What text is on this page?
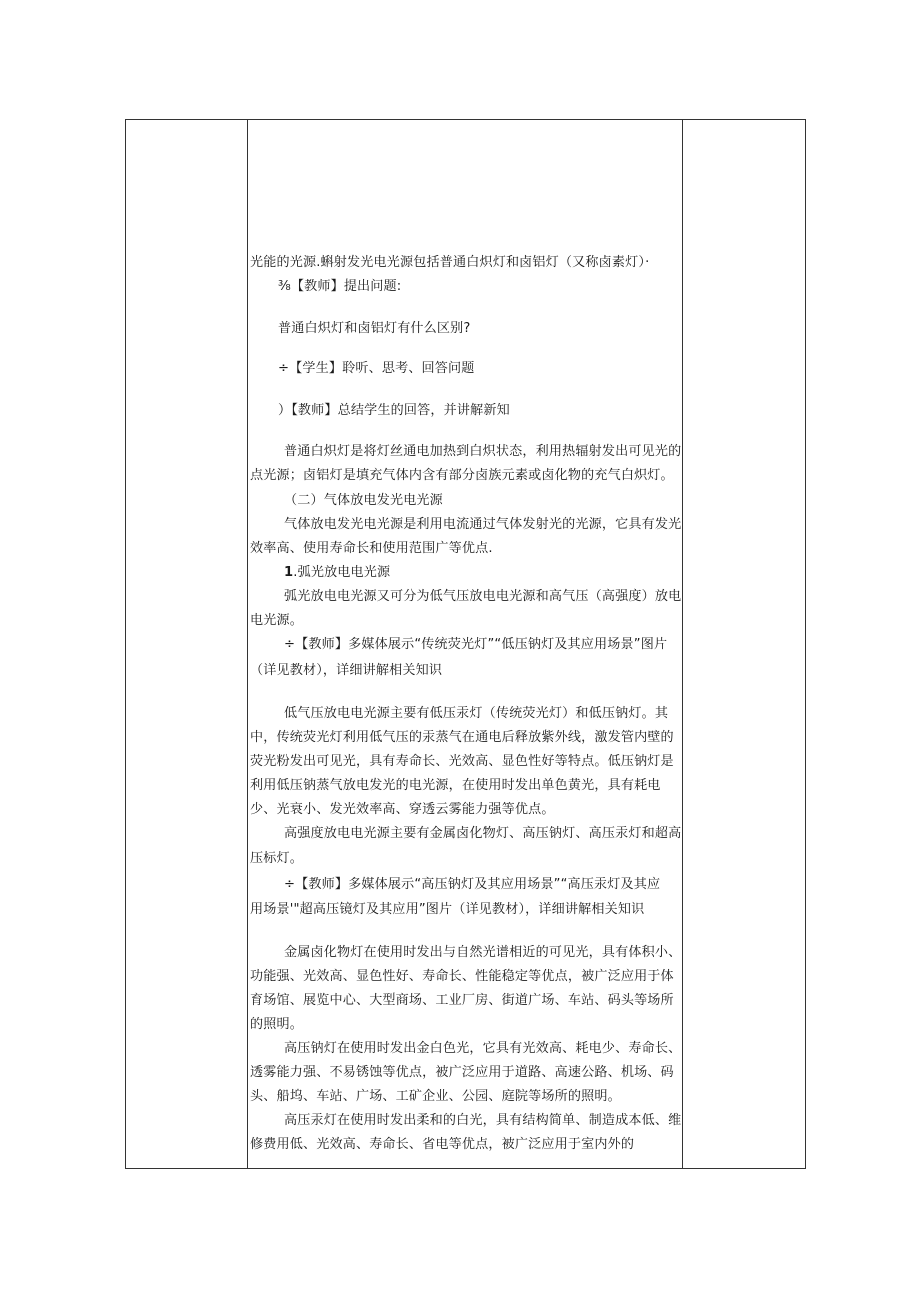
光能的光源.蝌射发光电光源包括普通白炽灯和卤铝灯（又称卤素灯）·
⅜【教师】提出问题:
普通白炽灯和卤铝灯有什么区别?
÷【学生】聆听、思考、回答问题
）【教师】总结学生的回答，并讲解新知
普通白炽灯是将灯丝通电加热到白炽状态，利用热辐射发出可见光的
点光源；卤铝灯是填充气体内含有部分卤族元素或卤化物的充气白炽灯。
（二）气体放电发光电光源
气体放电发光电光源是利用电流通过气体发射光的光源，它具有发光
效率高、使用寿命长和使用范围广等优点.
1.弧光放电电光源
弧光放电电光源又可分为低气压放电电光源和高气压（高强度）放电
电光源。
÷【教师】多媒体展示“传统荧光灯”“低压钠灯及其应用场景”图片
（详见教材），详细讲解相关知识
低气压放电电光源主要有低压汞灯（传统荧光灯）和低压钠灯。其
中，传统荧光灯利用低气压的汞蒸气在通电后释放紫外线，激发管内壁的
荧光粉发出可见光，具有寿命长、光效高、显色性好等特点。低压钠灯是
利用低压钠蒸气放电发光的电光源，在使用时发出单色黄光，具有耗电
少、光衰小、发光效率高、穿透云雾能力强等优点。
高强度放电电光源主要有金属卤化物灯、高压钠灯、高压汞灯和超高
压标灯。
÷【教师】多媒体展示“高压钠灯及其应用场景”“高压汞灯及其应
用场景'"超高压镜灯及其应用”图片（详见教材），详细讲解相关知识
金属卤化物灯在使用时发出与自然光谱相近的可见光，具有体积小、
功能强、光效高、显色性好、寿命长、性能稳定等优点，被广泛应用于体
育场馆、展览中心、大型商场、工业厂房、街道广场、车站、码头等场所
的照明。
高压钠灯在使用时发出金白色光，它具有光效高、耗电少、寿命长、
透雾能力强、不易锈蚀等优点，被广泛应用于道路、高速公路、机场、码
头、船坞、车站、广场、工矿企业、公园、庭院等场所的照明。
高压汞灯在使用时发出柔和的白光，具有结构简单、制造成本低、维
修费用低、光效高、寿命长、省电等优点，被广泛应用于室内外的
